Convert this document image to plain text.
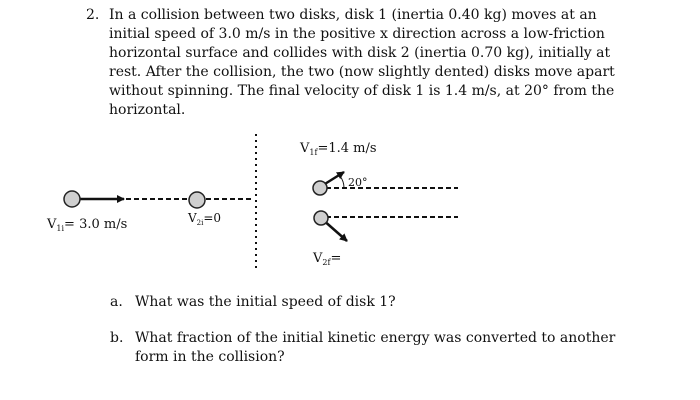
2. In a collision between two disks, disk 1 (inertia 0.40 kg) moves at an initial speed of 3.0 m/s in the positive x direction across a low-friction horizontal surface and collides with disk 2 (inertia 0.70 kg), initially at rest. After the collision, the two (now slightly dented) disks move apart without spinning. The final velocity of disk 1 is 1.4 m/s, at 20° from the horizontal.
$V_{1i}= 3.0$ m/s	$V_{2i}=0$
$V_{1f}=1.4$ m/s
20°
$V_{2f}=$
a. What was the initial speed of disk 1?
b. What fraction of the initial kinetic energy was converted to another form in the collision?
